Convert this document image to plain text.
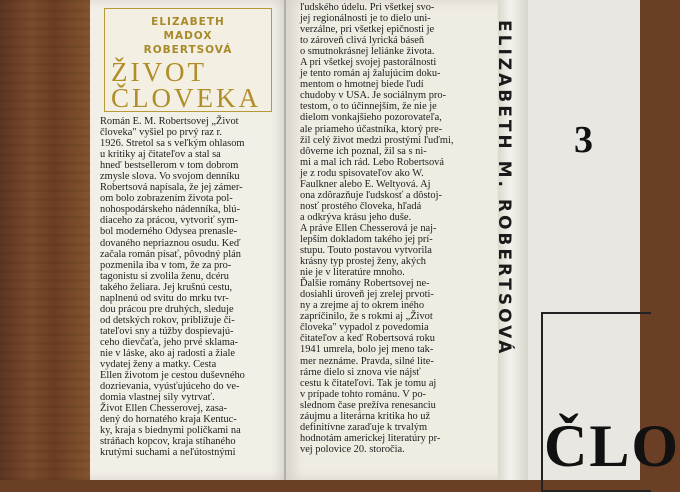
ELIZABETH
MADOX
ROBERTSOVÁ
ŽIVOT
ČLOVEKA
Román E. M. Robertsovej „Život
človeka" vyšiel po prvý raz r.
1926. Stretol sa s veľkým ohlasom
u kritiky aj čitateľov a stal sa
hneď bestsellerom v tom dobrom
zmysle slova. Vo svojom denníku
Robertsová napísala, že jej zámer-
om bolo zobrazením života pol-
nohospodárskeho nádenníka, blú-
diaceho za prácou, vytvoriť sym-
bol moderného Odysea prenasle-
dovaného nepriaznou osudu. Keď
začala román písať, pôvodný plán
pozmenila iba v tom, že za pro-
tagonistu si zvolila ženu, dcéru
takého želiara. Jej krušnú cestu,
naplnenú od svitu do mrku tvr-
dou prácou pre druhých, sleduje
od detských rokov, približuje či-
tateľovi sny a túžby dospievajú-
ceho dievčaťa, jeho prvé sklama-
nie v láske, ako aj radosti a žiale
vydatej ženy a matky. Cesta
Ellen životom je cestou duševného
dozrievania, vyúsťujúceho do ve-
domia vlastnej sily vytrvať.
Život Ellen Chesserovej, zasa-
dený do hornatého kraja Kentuc-
ky, kraja s biednymi políčkami na
stráňach kopcov, kraja stíhaného
krutými suchami a neľútostnými
ľudského údelu. Pri všetkej svo-
jej regionálnosti je to dielo uni-
verzálne, pri všetkej epičnosti je
to zároveň clivá lyrická báseň
o smutnokrásnej leliánke života.
A pri všetkej svojej pastorálnosti
je tento román aj žalujúcim doku-
mentom o hmotnej biede ľudí
chudoby v USA. Je sociálnym pro-
testom, o to účinnejším, že nie je
dielom vonkajšieho pozorovateľa,
ale priameho účastníka, ktorý pre-
žil celý život medzi prostými ľuďmi,
dôverne ich poznal, žil sa s ni-
mi a mal ich rád. Lebo Robertsová
je z rodu spisovateľov ako W.
Faulkner alebo E. Weltyová. Aj
ona zdôrazňuje ľudskosť a dôstoj-
nosť prostého človeka, hľadá
a odkrýva krásu jeho duše.
A práve Ellen Chesserová je naj-
lepším dokladom takého jej prí-
stupu. Touto postavou vytvorila
krásny typ prostej ženy, akých
nie je v literatúre mnoho.
Ďalšie romány Robertsovej ne-
dosiahli úroveň jej zrelej prvoti-
ny a zrejme aj to okrem iného
zapríčinilo, že s rokmi aj „Život
človeka" vypadol z povedomia
čitateľov a keď Robertsová roku
1941 umrela, bolo jej meno tak-
mer neznáme. Pravda, silné lite-
rárne dielo si znova vie nájsť
cestu k čitateľovi. Tak je tomu aj
v prípade tohto románu. V po-
slednom čase prežíva renesanciu
záujmu a literárna kritika ho už
definitívne zaraďuje k trvalým
hodnotám americkej literatúry pr-
vej polovice 20. storočia.
ELIZABETH M. ROBERTSOVÁ 3
ČLO
